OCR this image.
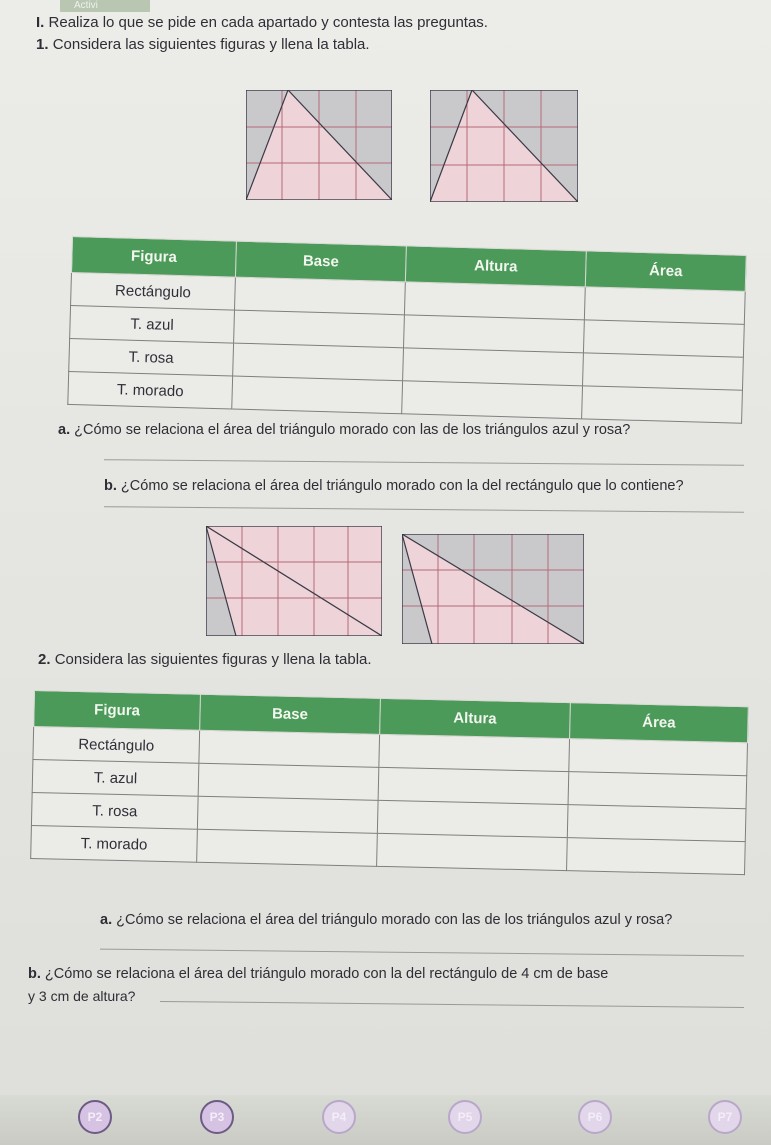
Activi
I. Realiza lo que se pide en cada apartado y contesta las preguntas.
1. Considera las siguientes figuras y llena la tabla.
Figura	Base	Altura	Área
Rectángulo			
T. azul			
T. rosa			
T. morado			
a. ¿Cómo se relaciona el área del triángulo morado con las de los triángulos azul y rosa?
b. ¿Cómo se relaciona el área del triángulo morado con la del rectángulo que lo contiene?
2. Considera las siguientes figuras y llena la tabla.
Figura	Base	Altura	Área
Rectángulo			
T. azul			
T. rosa			
T. morado			
a. ¿Cómo se relaciona el área del triángulo morado con las de los triángulos azul y rosa?
b. ¿Cómo se relaciona el área del triángulo morado con la del rectángulo de 4 cm de base
y 3 cm de altura?
P2	P3	P4	P5	P6	P7
